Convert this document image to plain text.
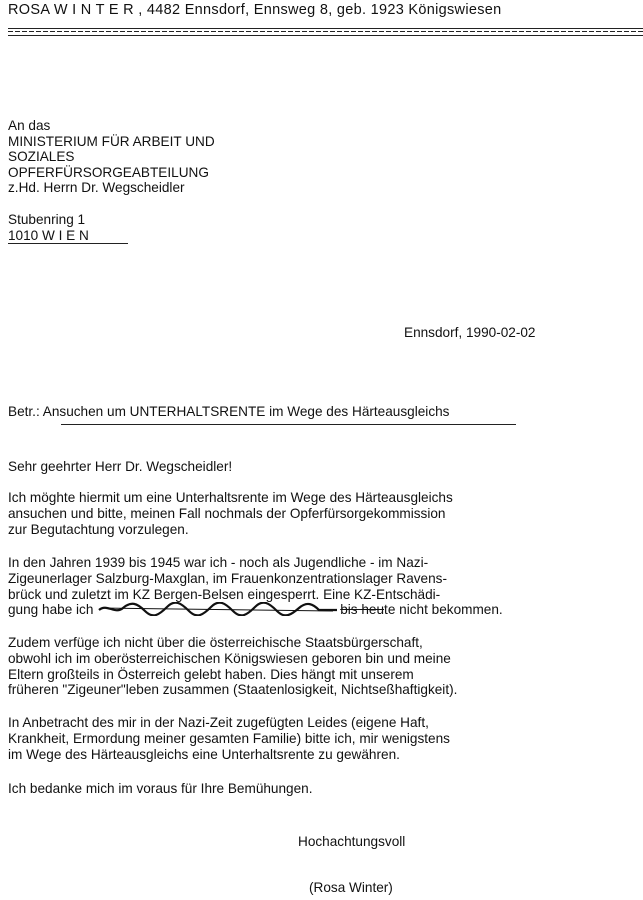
ROSA W I N T E R , 4482 Ennsdorf, Ennsweg 8, geb. 1923 Königswiesen
An das
MINISTERIUM FÜR ARBEIT UND
SOZIALES
OPFERFÜRSORGEABTEILUNG
z.Hd. Herrn Dr. Wegscheidler
Stubenring 1
1010 W I E N
Ennsdorf, 1990-02-02
Betr.: Ansuchen um UNTERHALTSRENTE im Wege des Härteausgleichs
Sehr geehrter Herr Dr. Wegscheidler!
Ich möghte hiermit um eine Unterhaltsrente im Wege des Härteausgleichs
ansuchen und bitte, meinen Fall nochmals der Opferfürsorgekommission
zur Begutachtung vorzulegen.
In den Jahren 1939 bis 1945 war ich - noch als Jugendliche - im Nazi-
Zigeunerlager Salzburg-Maxglan, im Frauenkonzentrationslager Ravens-
brück und zuletzt im KZ Bergen-Belsen eingesperrt. Eine KZ-Entschädi-
gung habe ich	bis heute nicht bekommen.
Zudem verfüge ich nicht über die österreichische Staatsbürgerschaft,
obwohl ich im oberösterreichischen Königswiesen geboren bin und meine
Eltern großteils in Österreich gelebt haben. Dies hängt mit unserem
früheren "Zigeuner"leben zusammen (Staatenlosigkeit, Nichtseßhaftigkeit).
In Anbetracht des mir in der Nazi-Zeit zugefügten Leides (eigene Haft,
Krankheit, Ermordung meiner gesamten Familie) bitte ich, mir wenigstens
im Wege des Härteausgleichs eine Unterhaltsrente zu gewähren.
Ich bedanke mich im voraus für Ihre Bemühungen.
Hochachtungsvoll
(Rosa Winter)
